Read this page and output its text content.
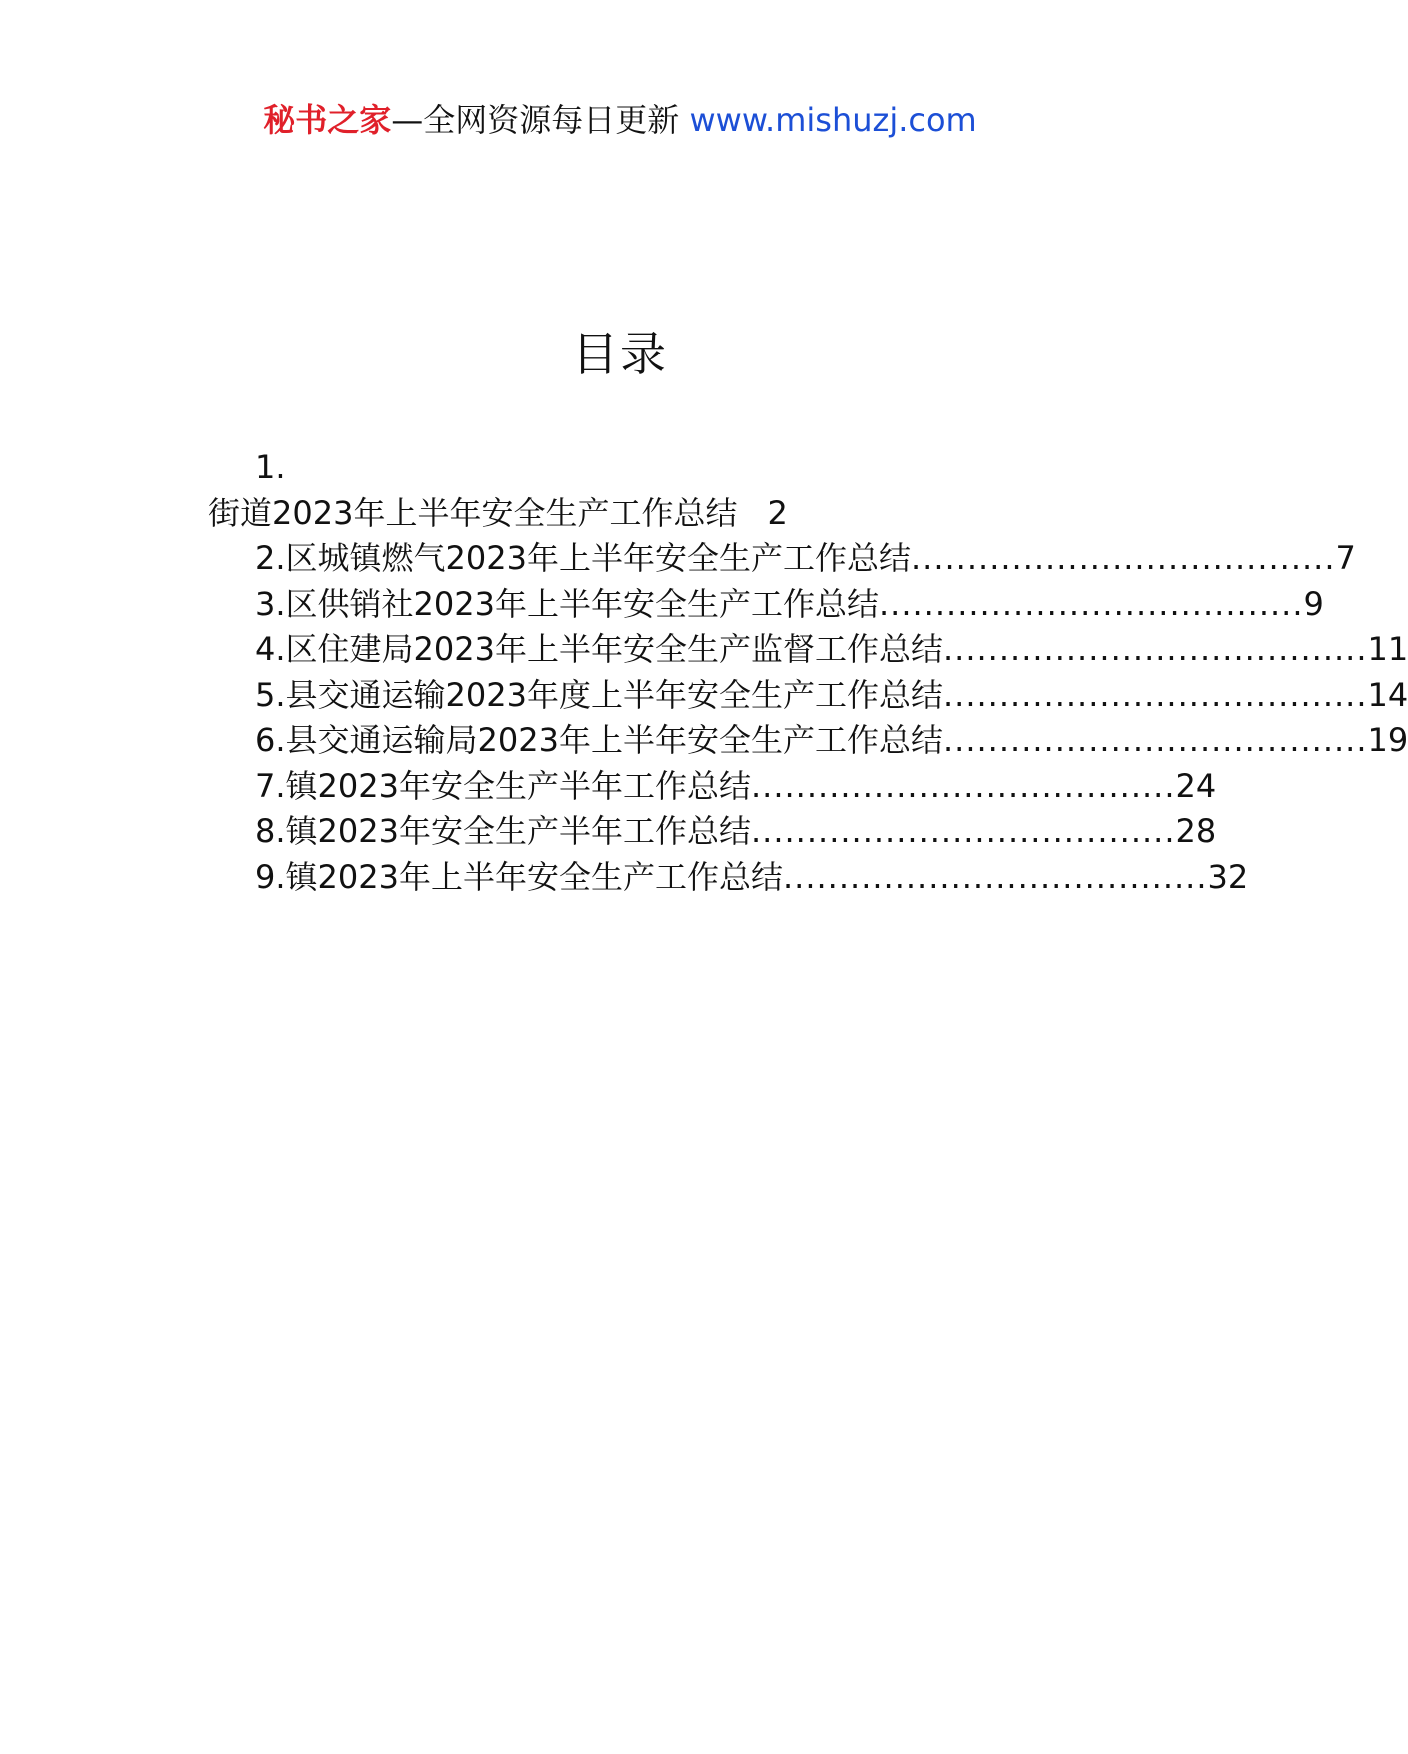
秘书之家—全网资源每日更新 www.mishuzj.com
目录
1.
街道2023年上半年安全生产工作总结 2
2.区城镇燃气2023年上半年安全生产工作总结 ...................................... 7
3.区供销社2023年上半年安全生产工作总结 ...................................... 9
4.区住建局2023年上半年安全生产监督工作总结 ...................................... 11
5.县交通运输2023年度上半年安全生产工作总结 ...................................... 14
6.县交通运输局2023年上半年安全生产工作总结 ...................................... 19
7.镇2023年安全生产半年工作总结 ...................................... 24
8.镇2023年安全生产半年工作总结 ...................................... 28
9.镇2023年上半年安全生产工作总结 ...................................... 32
